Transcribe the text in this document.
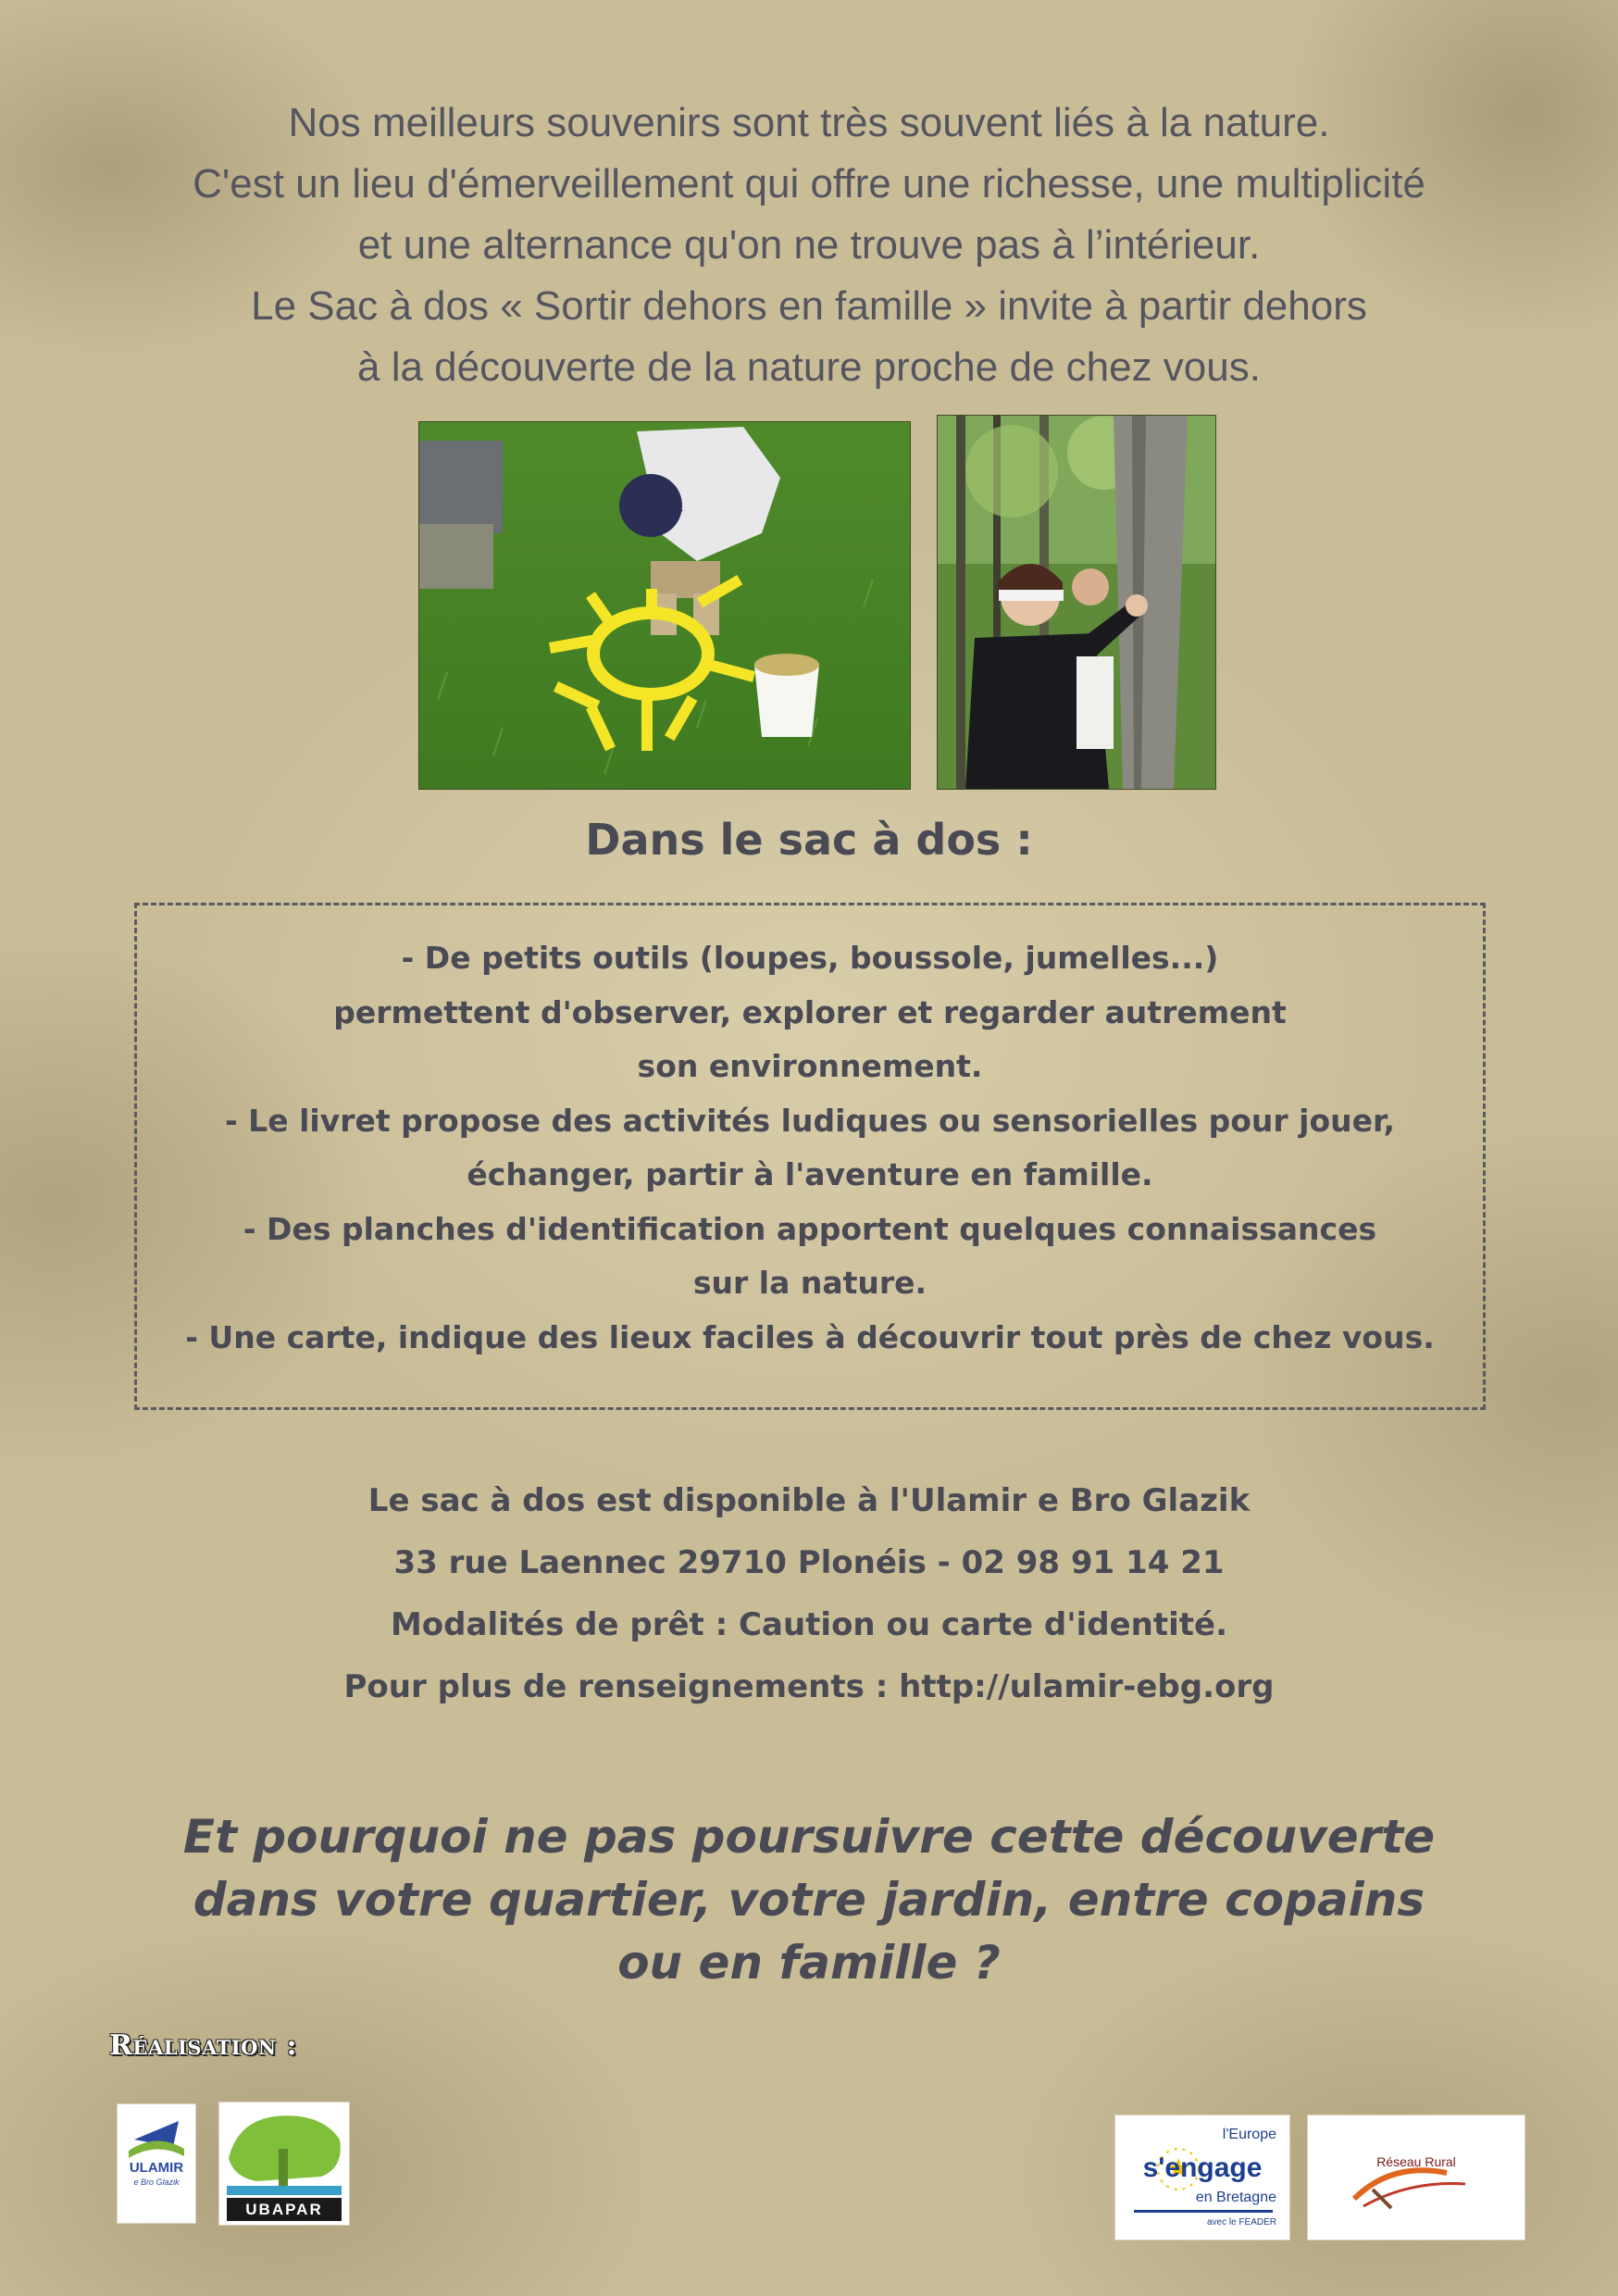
Nos meilleurs souvenirs sont très souvent liés à la nature.
C'est un lieu d'émerveillement qui offre une richesse, une multiplicité
et une alternance qu'on ne trouve pas à l’intérieur.
Le Sac à dos « Sortir dehors en famille » invite à partir dehors
à la découverte de la nature proche de chez vous.
Dans le sac à dos :
- De petits outils (loupes, boussole, jumelles...)
permettent d'observer, explorer et regarder autrement
son environnement.
- Le livret propose des activités ludiques ou sensorielles pour jouer,
échanger, partir à l'aventure en famille.
- Des planches d'identification apportent quelques connaissances
sur la nature.
- Une carte, indique des lieux faciles à découvrir tout près de chez vous.
Le sac à dos est disponible à l'Ulamir e Bro Glazik
33 rue Laennec 29710 Plonéis - 02 98 91 14 21
Modalités de prêt : Caution ou carte d'identité.
Pour plus de renseignements : http://ulamir-ebg.org
Et pourquoi ne pas poursuivre cette découverte
dans votre quartier, votre jardin, entre copains
ou en famille ?
Réalisation :
ULAMIR
e Bro Glazik
UBAPAR
l'Europe
s'engage
en Bretagne
avec le FEADER
Réseau Rural
